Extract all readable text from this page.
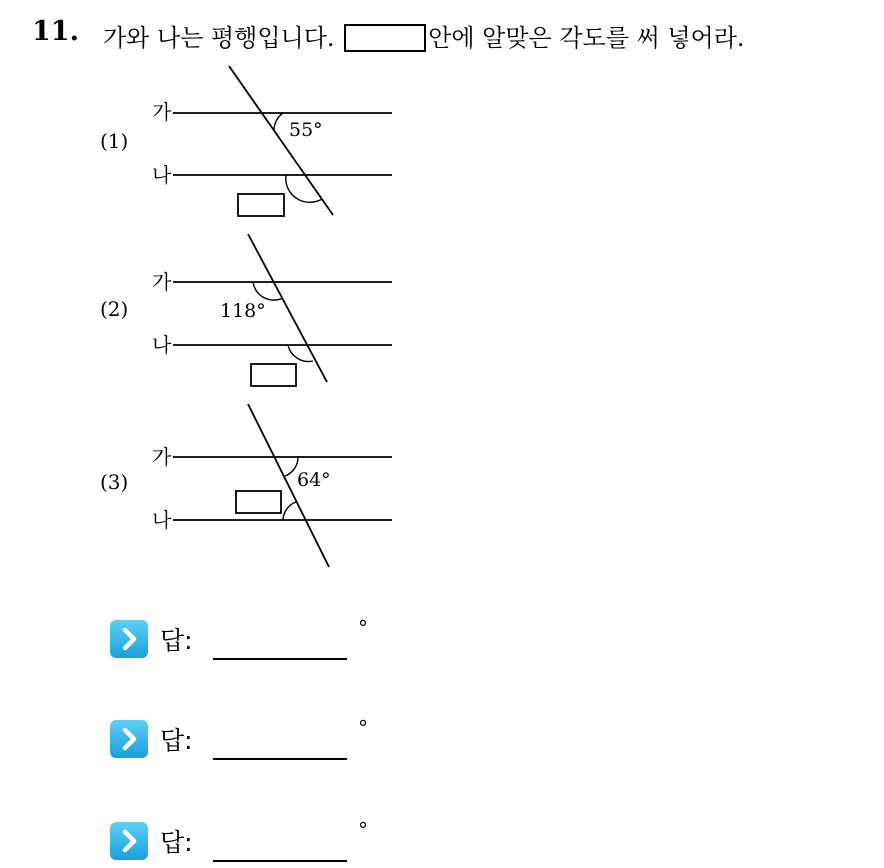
11. 가와 나는 평행입니다.	안에 알맞은 각도를 써 넣어라.
(1)
가
나
55°
(2)
가
나
118°
(3)
가
나
64°
답:	°
답:	°
답:	°
